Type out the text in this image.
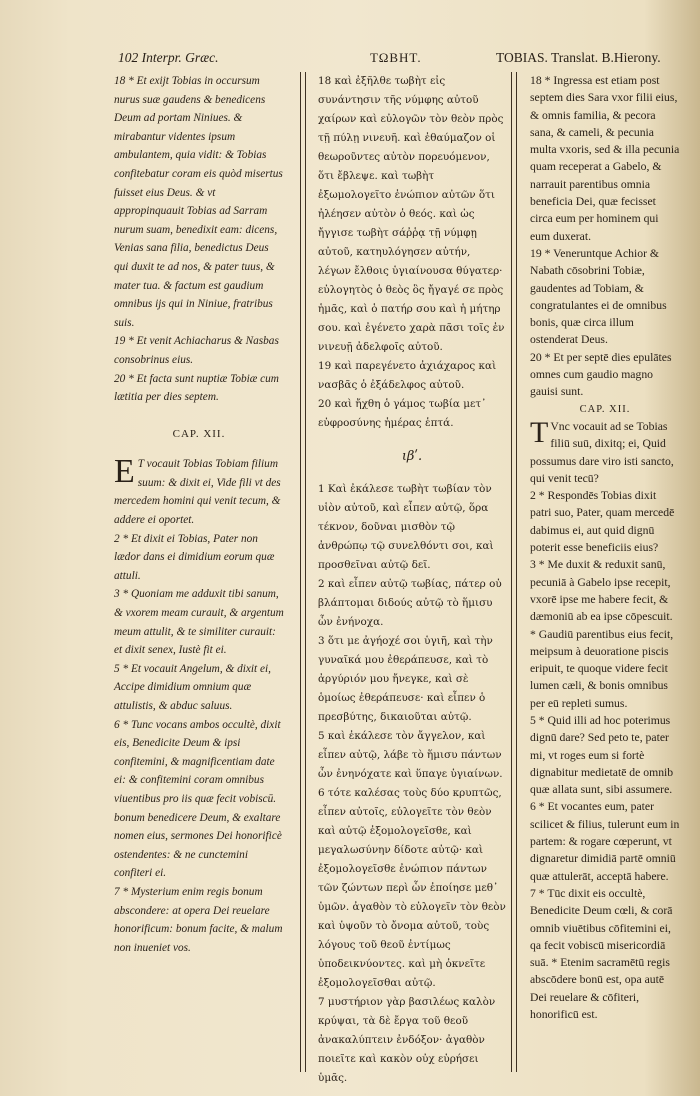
102 Interpr. Græc.	ΤΩΒΗΤ.	TOBIAS. Translat. B.Hierony.

18 * Et exijt Tobias in occursum nurus suæ gaudens & benedicens Deum ad portam Niniues. & mirabantur videntes ipsum ambulantem, quia vidit: & Tobias confitebatur coram eis quòd misertus fuisset eius Deus. & vt appropinquauit Tobias ad Sarram nurum suam, benedixit eam: dicens, Venias sana filia, benedictus Deus qui duxit te ad nos, & pater tuus, & mater tua. & factum est gaudium omnibus ijs qui in Niniue, fratribus suis.

19 * Et venit Achiacharus & Nasbas consobrinus eius.

20 * Et facta sunt nuptiæ Tobiæ cum lætitia per dies septem.

CAP. XII.

E T vocauit Tobias Tobiam filium suum: & dixit ei, Vide fili vt des mercedem homini qui venit tecum, & addere ei oportet.

2 * Et dixit ei Tobias, Pater non lædor dans ei dimidium eorum quæ attuli.

3 * Quoniam me adduxit tibi sanum, & vxorem meam curauit, & argentum meum attulit, & te similiter curauit: et dixit senex, Iustè fit ei.

5 * Et vocauit Angelum, & dixit ei, Accipe dimidium omnium quæ attulistis, & abduc saluus.

6 * Tunc vocans ambos occultè, dixit eis, Benedicite Deum & ipsi confitemini, & magnificentiam date ei: & confitemini coram omnibus viuentibus pro iis quæ fecit vobiscū. bonum benedicere Deum, & exaltare nomen eius, sermones Dei honorificè ostendentes: & ne cunctemini confiteri ei.

7 * Mysterium enim regis bonum abscondere: at opera Dei reuelare honorificum: bonum facite, & malum non inueniet vos.

18 καὶ ἐξῆλθε τωβὴτ εἰς συνάντησιν τῆς νύμφης αὐτοῦ χαίρων καὶ εὐλογῶν τὸν θεὸν πρὸς τῇ πύλῃ νινευῆ. καὶ ἐθαύμαζον οἱ θεωροῦντες αὐτὸν πορευόμενον, ὅτι ἔβλεψε. καὶ τωβὴτ ἐξωμολογεῖτο ἐνώπιον αὐτῶν ὅτι ἠλέησεν αὐτὸν ὁ θεός. καὶ ὡς ἤγγισε τωβὴτ σάῤῥᾳ τῇ νύμφῃ αὐτοῦ, κατηυλόγησεν αὐτήν, λέγων ἔλθοις ὑγιαίνουσα θύγατερ· εὐλογητὸς ὁ θεὸς ὃς ἤγαγέ σε πρὸς ἡμᾶς, καὶ ὁ πατήρ σου καὶ ἡ μήτηρ σου. καὶ ἐγένετο χαρὰ πᾶσι τοῖς ἐν νινευῇ ἀδελφοῖς αὐτοῦ.

19 καὶ παρεγένετο ἀχιάχαρος καὶ νασβᾶς ὁ ἐξάδελφος αὐτοῦ.

20 καὶ ἤχθη ὁ γάμος τωβία μετ᾽ εὐφροσύνης ἡμέρας ἑπτά.

ιβʹ.

1 Καὶ ἐκάλεσε τωβὴτ τωβίαν τὸν υἱὸν αὐτοῦ, καὶ εἶπεν αὐτῷ, ὅρα τέκνον, δοῦναι μισθὸν τῷ ἀνθρώπῳ τῷ συνελθόντι σοι, καὶ προσθεῖναι αὐτῷ δεῖ.

2 καὶ εἶπεν αὐτῷ τωβίας, πάτερ οὐ βλάπτομαι διδούς αὐτῷ τὸ ἥμισυ ὧν ἐνήνοχα.

3 ὅτι με ἀγήοχέ σοι ὑγιῆ, καὶ τὴν γυναῖκά μου ἐθεράπευσε, καὶ τὸ ἀργύριόν μου ἤνεγκε, καὶ σὲ ὁμοίως ἐθεράπευσε· καὶ εἶπεν ὁ πρεσβύτης, δικαιοῦται αὐτῷ.

5 καὶ ἐκάλεσε τὸν ἄγγελον, καὶ εἶπεν αὐτῷ, λάβε τὸ ἥμισυ πάντων ὧν ἐνηνόχατε καὶ ὕπαγε ὑγιαίνων.

6 τότε καλέσας τοὺς δύο κρυπτῶς, εἶπεν αὐτοῖς, εὐλογεῖτε τὸν θεὸν καὶ αὐτῷ ἐξομολογεῖσθε, καὶ μεγαλωσύνην δίδοτε αὐτῷ· καὶ ἐξομολογεῖσθε ἐνώπιον πάντων τῶν ζώντων περὶ ὧν ἐποίησε μεθ᾽ ὑμῶν. ἀγαθὸν τὸ εὐλογεῖν τὸν θεὸν καὶ ὑψοῦν τὸ ὄνομα αὐτοῦ, τοὺς λόγους τοῦ θεοῦ ἐντίμως ὑποδεικνύοντες. καὶ μὴ ὀκνεῖτε ἐξομολογεῖσθαι αὐτῷ.

7 μυστήριον γὰρ βασιλέως καλὸν κρύψαι, τὰ δὲ ἔργα τοῦ θεοῦ ἀνακαλύπτειν ἐνδόξον· ἀγαθὸν ποιεῖτε καὶ κακὸν οὐχ εὑρήσει ὑμᾶς.

18 * Ingressa est etiam post septem dies Sara vxor filii eius, & omnis familia, & pecora sana, & cameli, & pecunia multa vxoris, sed & illa pecunia quam receperat a Gabelo, & narrauit parentibus omnia beneficia Dei, quæ fecisset circa eum per hominem qui eum duxerat.

19 * Veneruntque Achior & Nabath cōsobrini Tobiæ, gaudentes ad Tobiam, & congratulantes ei de omnibus bonis, quæ circa illum ostenderat Deus.

20 * Et per septē dies epulātes omnes cum gaudio magno gauisi sunt.

CAP. XII.

T Vnc vocauit ad se Tobias filiū suū, dixitq; ei, Quid possumus dare viro isti sancto, qui venit tecū?

2 * Respondēs Tobias dixit patri suo, Pater, quam mercedē dabimus ei, aut quid dignū poterit esse beneficiis eius?

3 * Me duxit & reduxit sanū, pecuniā à Gabelo ipse recepit, vxorē ipse me habere fecit, & dæmoniū ab ea ipse cōpescuit. * Gaudiū parentibus eius fecit, meipsum à deuoratione piscis eripuit, te quoque videre fecit lumen cæli, & bonis omnibus per eū repleti sumus.

5 * Quid illi ad hoc poterimus dignū dare? Sed peto te, pater mi, vt roges eum si fortè dignabitur medietatē de omnib quæ allata sunt, sibi assumere.

6 * Et vocantes eum, pater scilicet & filius, tulerunt eum in partem: & rogare cœperunt, vt dignaretur dimidiā partē omniū quæ attulerāt, acceptā habere.

7 * Tūc dixit eis occultè, Benedicite Deum cœli, & corā omnib viuētibus cōfitemini ei, qa fecit vobiscū misericordiā suā. * Etenim sacramētū regis abscōdere bonū est, opa autē Dei reuelare & cōfiteri, honorificū est.
